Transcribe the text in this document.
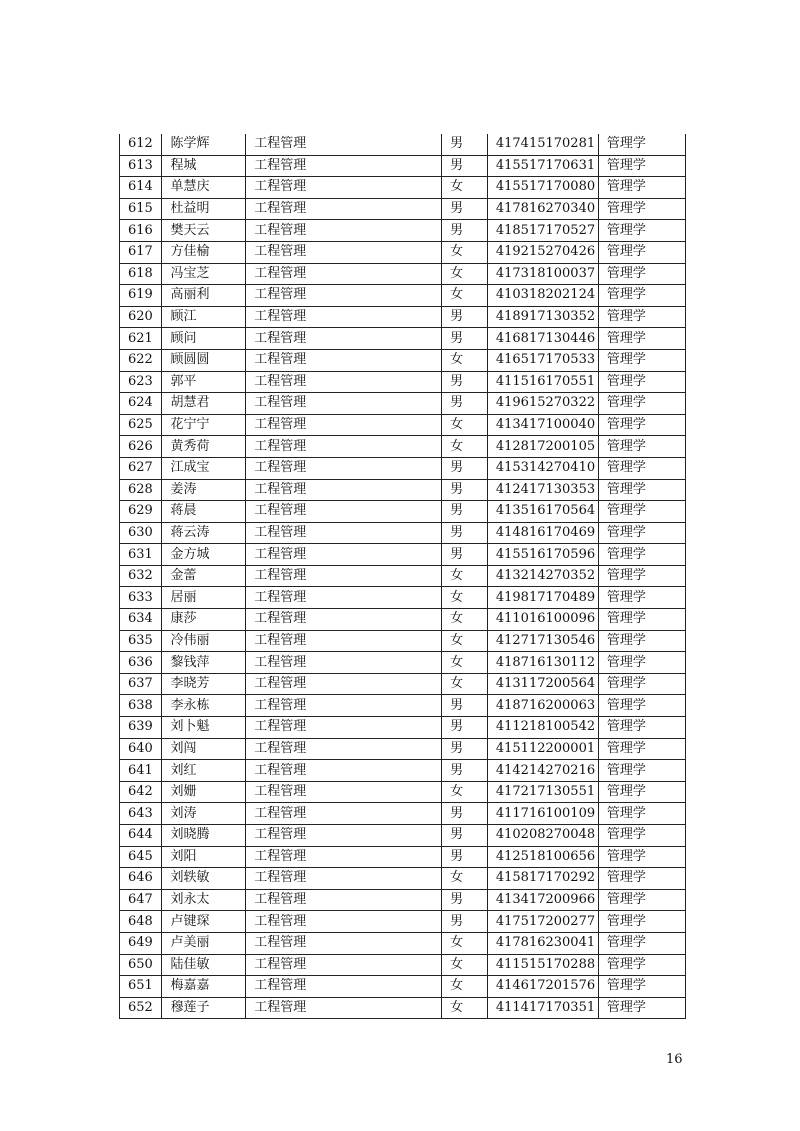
612	陈学辉	工程管理	男	417415170281	管理学
613	程城	工程管理	男	415517170631	管理学
614	单慧庆	工程管理	女	415517170080	管理学
615	杜益明	工程管理	男	417816270340	管理学
616	樊天云	工程管理	男	418517170527	管理学
617	方佳榆	工程管理	女	419215270426	管理学
618	冯宝芝	工程管理	女	417318100037	管理学
619	高丽利	工程管理	女	410318202124	管理学
620	顾江	工程管理	男	418917130352	管理学
621	顾问	工程管理	男	416817130446	管理学
622	顾圆圆	工程管理	女	416517170533	管理学
623	郭平	工程管理	男	411516170551	管理学
624	胡慧君	工程管理	男	419615270322	管理学
625	花宁宁	工程管理	女	413417100040	管理学
626	黄秀荷	工程管理	女	412817200105	管理学
627	江成宝	工程管理	男	415314270410	管理学
628	姜涛	工程管理	男	412417130353	管理学
629	蒋晨	工程管理	男	413516170564	管理学
630	蒋云涛	工程管理	男	414816170469	管理学
631	金方城	工程管理	男	415516170596	管理学
632	金蕾	工程管理	女	413214270352	管理学
633	居丽	工程管理	女	419817170489	管理学
634	康莎	工程管理	女	411016100096	管理学
635	冷伟丽	工程管理	女	412717130546	管理学
636	黎钱萍	工程管理	女	418716130112	管理学
637	李晓芳	工程管理	女	413117200564	管理学
638	李永栋	工程管理	男	418716200063	管理学
639	刘卜魁	工程管理	男	411218100542	管理学
640	刘闯	工程管理	男	415112200001	管理学
641	刘红	工程管理	男	414214270216	管理学
642	刘姗	工程管理	女	417217130551	管理学
643	刘涛	工程管理	男	411716100109	管理学
644	刘晓腾	工程管理	男	410208270048	管理学
645	刘阳	工程管理	男	412518100656	管理学
646	刘轶敏	工程管理	女	415817170292	管理学
647	刘永太	工程管理	男	413417200966	管理学
648	卢键琛	工程管理	男	417517200277	管理学
649	卢美丽	工程管理	女	417816230041	管理学
650	陆佳敏	工程管理	女	411515170288	管理学
651	梅嘉嘉	工程管理	女	414617201576	管理学
652	穆莲子	工程管理	女	411417170351	管理学
16
